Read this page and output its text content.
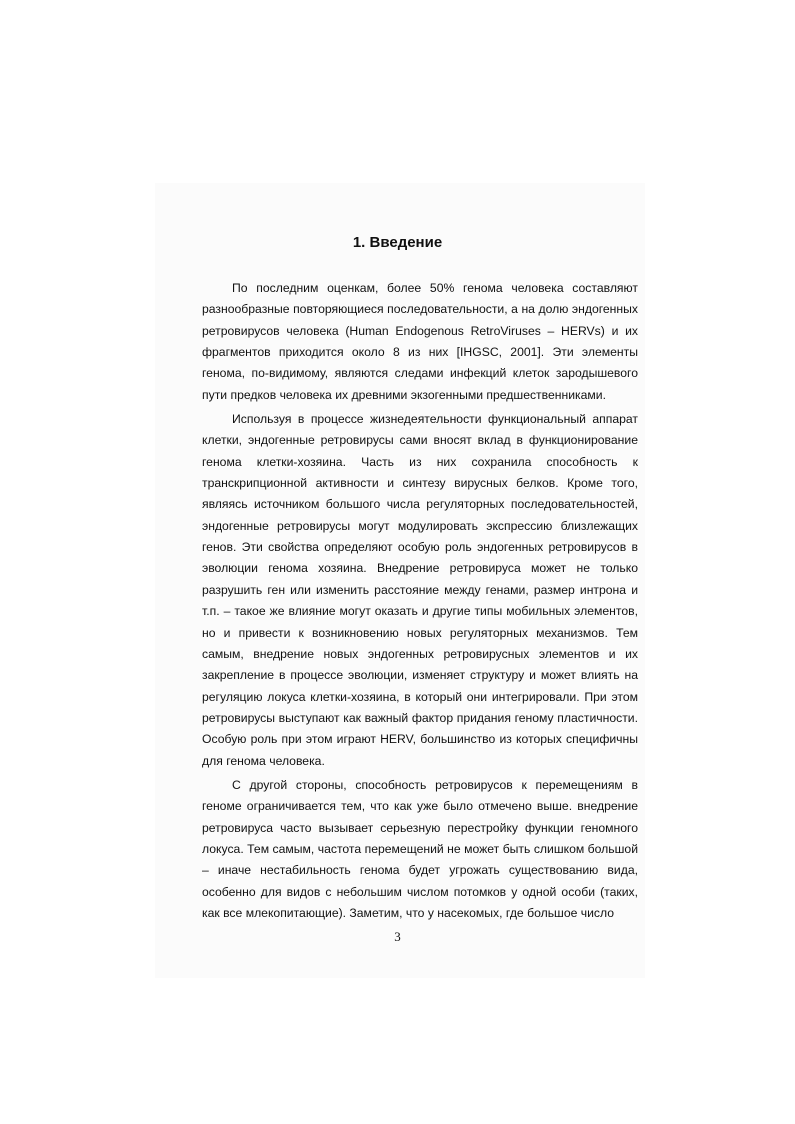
1. Введение

По последним оценкам, более 50% генома человека составляют
разнообразные повторяющиеся последовательности, а на долю эндогенных
ретровирусов человека (Human Endogenous RetroViruses – HERVs) и их
фрагментов приходится около 8 из них [IHGSC, 2001]. Эти элементы
генома, по-видимому, являются следами инфекций клеток зародышевого
пути предков человека их древними экзогенными предшественниками.

Используя в процессе жизнедеятельности функциональный аппарат
клетки, эндогенные ретровирусы сами вносят вклад в функционирование
генома клетки-хозяина. Часть из них сохранила способность к
транскрипционной активности и синтезу вирусных белков. Кроме того,
являясь источником большого числа регуляторных последовательностей,
эндогенные ретровирусы могут модулировать экспрессию близлежащих
генов. Эти свойства определяют особую роль эндогенных ретровирусов в
эволюции генома хозяина. Внедрение ретровируса может не только
разрушить ген или изменить расстояние между генами, размер интрона и
т.п. – такое же влияние могут оказать и другие типы мобильных элементов,
но и привести к возникновению новых регуляторных механизмов. Тем
самым, внедрение новых эндогенных ретровирусных элементов и их
закрепление в процессе эволюции, изменяет структуру и может влиять на
регуляцию локуса клетки-хозяина, в который они интегрировали. При этом
ретровирусы выступают как важный фактор придания геному пластичности.
Особую роль при этом играют HERV, большинство из которых специфичны
для генома человека.

С другой стороны, способность ретровирусов к перемещениям в
геноме ограничивается тем, что как уже было отмечено выше. внедрение
ретровируса часто вызывает серьезную перестройку функции геномного
локуса. Тем самым, частота перемещений не может быть слишком большой
– иначе нестабильность генома будет угрожать существованию вида,
особенно для видов с небольшим числом потомков у одной особи (таких,
как все млекопитающие). Заметим, что у насекомых, где большое число

3
